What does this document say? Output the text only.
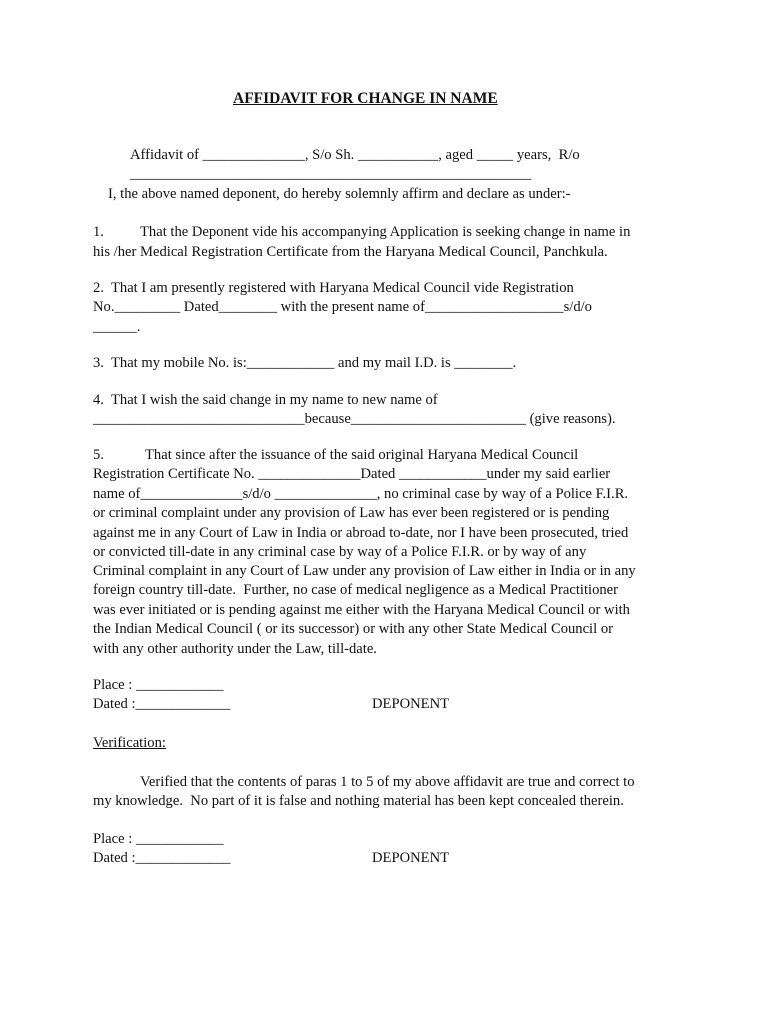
AFFIDAVIT FOR CHANGE IN NAME
Affidavit of ______________, S/o Sh. ___________, aged _____ years,  R/o
_______________________________________________________
I, the above named deponent, do hereby solemnly affirm and declare as under:-
1. That the Deponent vide his accompanying Application is seeking change in name in
his /her Medical Registration Certificate from the Haryana Medical Council, Panchkula.
2.  That I am presently registered with Haryana Medical Council vide Registration
No._________ Dated________ with the present name of___________________s/d/o
______.
3.  That my mobile No. is:____________ and my mail I.D. is ________.
4.  That I wish the said change in my name to new name of
_____________________________because________________________ (give reasons).
5.	That since after the issuance of the said original Haryana Medical Council
Registration Certificate No. ______________Dated ____________under my said earlier
name of______________s/d/o ______________, no criminal case by way of a Police F.I.R.
or criminal complaint under any provision of Law has ever been registered or is pending
against me in any Court of Law in India or abroad to-date, nor I have been prosecuted, tried
or convicted till-date in any criminal case by way of a Police F.I.R. or by way of any
Criminal complaint in any Court of Law under any provision of Law either in India or in any
foreign country till-date.  Further, no case of medical negligence as a Medical Practitioner
was ever initiated or is pending against me either with the Haryana Medical Council or with
the Indian Medical Council ( or its successor) or with any other State Medical Council or
with any other authority under the Law, till-date.
Place : ____________
Dated :_____________	DEPONENT
Verification:
Verified that the contents of paras 1 to 5 of my above affidavit are true and correct to
my knowledge.  No part of it is false and nothing material has been kept concealed therein.
Place : ____________
Dated :_____________	DEPONENT
